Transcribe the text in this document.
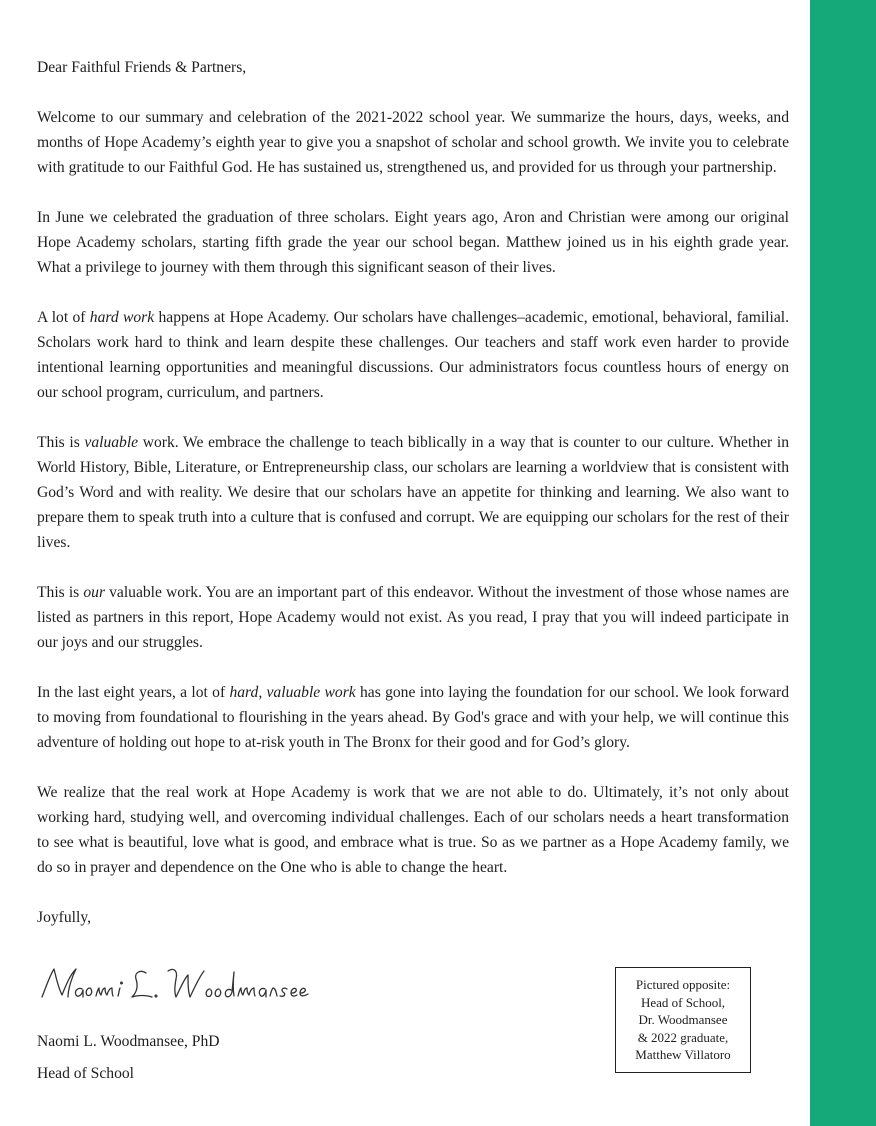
Dear Faithful Friends & Partners,

Welcome to our summary and celebration of the 2021-2022 school year. We summarize the hours, days, weeks, and months of Hope Academy’s eighth year to give you a snapshot of scholar and school growth. We invite you to celebrate with gratitude to our Faithful God. He has sustained us, strengthened us, and provided for us through your partnership.

In June we celebrated the graduation of three scholars. Eight years ago, Aron and Christian were among our original Hope Academy scholars, starting fifth grade the year our school began. Matthew joined us in his eighth grade year. What a privilege to journey with them through this significant season of their lives.

A lot of hard work happens at Hope Academy. Our scholars have challenges–academic, emotional, behavioral, familial. Scholars work hard to think and learn despite these challenges. Our teachers and staff work even harder to provide intentional learning opportunities and meaningful discussions. Our administrators focus countless hours of energy on our school program, curriculum, and partners.

This is valuable work. We embrace the challenge to teach biblically in a way that is counter to our culture. Whether in World History, Bible, Literature, or Entrepreneurship class, our scholars are learning a worldview that is consistent with God’s Word and with reality. We desire that our scholars have an appetite for thinking and learning. We also want to prepare them to speak truth into a culture that is confused and corrupt. We are equipping our scholars for the rest of their lives.

This is our valuable work. You are an important part of this endeavor. Without the investment of those whose names are listed as partners in this report, Hope Academy would not exist. As you read, I pray that you will indeed participate in our joys and our struggles.

In the last eight years, a lot of hard, valuable work has gone into laying the foundation for our school. We look forward to moving from foundational to flourishing in the years ahead. By God's grace and with your help, we will continue this adventure of holding out hope to at-risk youth in The Bronx for their good and for God’s glory.

We realize that the real work at Hope Academy is work that we are not able to do. Ultimately, it’s not only about working hard, studying well, and overcoming individual challenges. Each of our scholars needs a heart transformation to see what is beautiful, love what is good, and embrace what is true. So as we partner as a Hope Academy family, we do so in prayer and dependence on the One who is able to change the heart.

Joyfully,

Naomi L. Woodmansee, PhD
Head of School
Pictured opposite:
Head of School,
Dr. Woodmansee
& 2022 graduate,
Matthew Villatoro
